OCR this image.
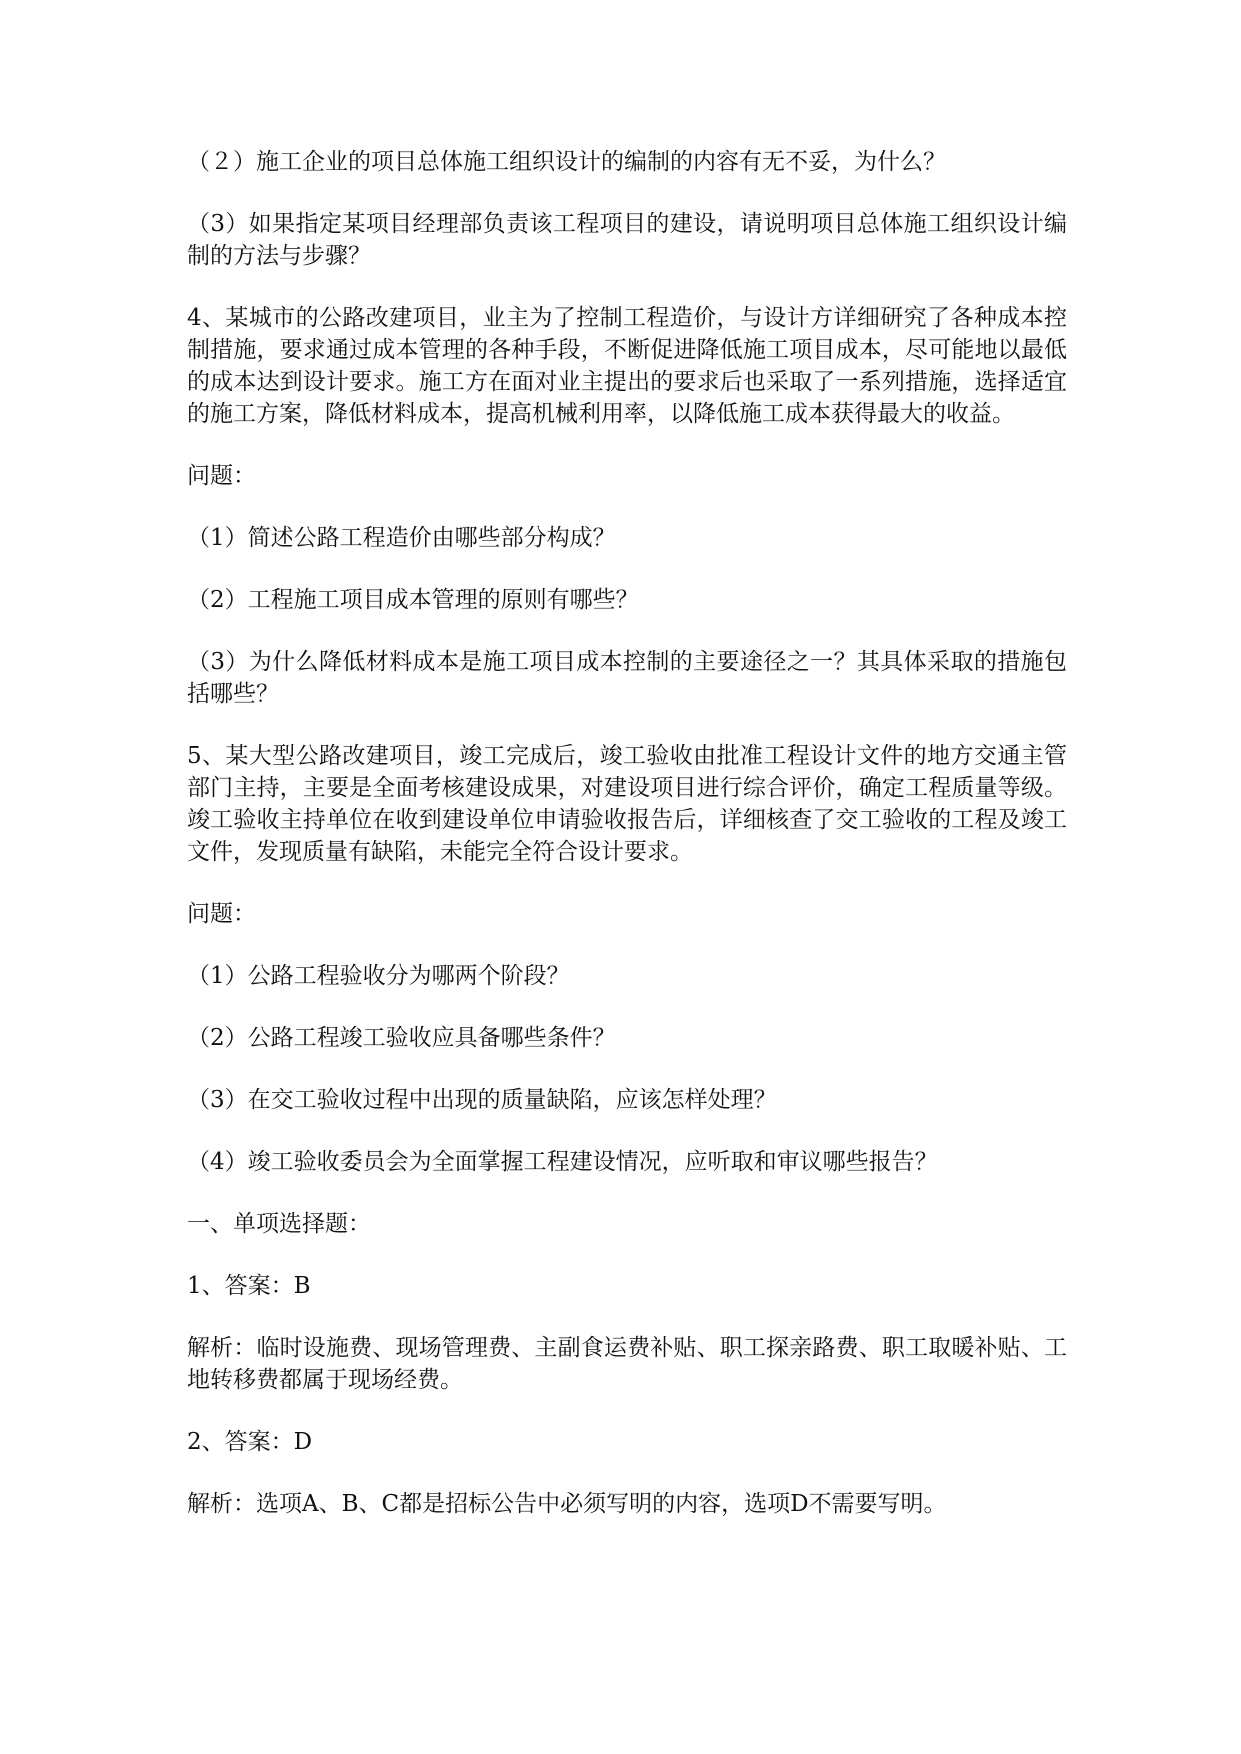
（２）施工企业的项目总体施工组织设计的编制的内容有无不妥，为什么？

（3）如果指定某项目经理部负责该工程项目的建设，请说明项目总体施工组织设计编制的方法与步骤？

4、某城市的公路改建项目，业主为了控制工程造价，与设计方详细研究了各种成本控制措施，要求通过成本管理的各种手段，不断促进降低施工项目成本，尽可能地以最低的成本达到设计要求。施工方在面对业主提出的要求后也采取了一系列措施，选择适宜的施工方案，降低材料成本，提高机械利用率，以降低施工成本获得最大的收益。

问题：

（1）简述公路工程造价由哪些部分构成？

（2）工程施工项目成本管理的原则有哪些？

（3）为什么降低材料成本是施工项目成本控制的主要途径之一？其具体采取的措施包括哪些？

5、某大型公路改建项目，竣工完成后，竣工验收由批准工程设计文件的地方交通主管部门主持，主要是全面考核建设成果，对建设项目进行综合评价，确定工程质量等级。竣工验收主持单位在收到建设单位申请验收报告后，详细核查了交工验收的工程及竣工文件，发现质量有缺陷，未能完全符合设计要求。

问题：

（1）公路工程验收分为哪两个阶段？

（2）公路工程竣工验收应具备哪些条件？

（3）在交工验收过程中出现的质量缺陷，应该怎样处理？

（4）竣工验收委员会为全面掌握工程建设情况，应听取和审议哪些报告？

一、单项选择题：

1、答案：B

解析：临时设施费、现场管理费、主副食运费补贴、职工探亲路费、职工取暖补贴、工地转移费都属于现场经费。

2、答案：D

解析：选项A、B、C都是招标公告中必须写明的内容，选项D不需要写明。
